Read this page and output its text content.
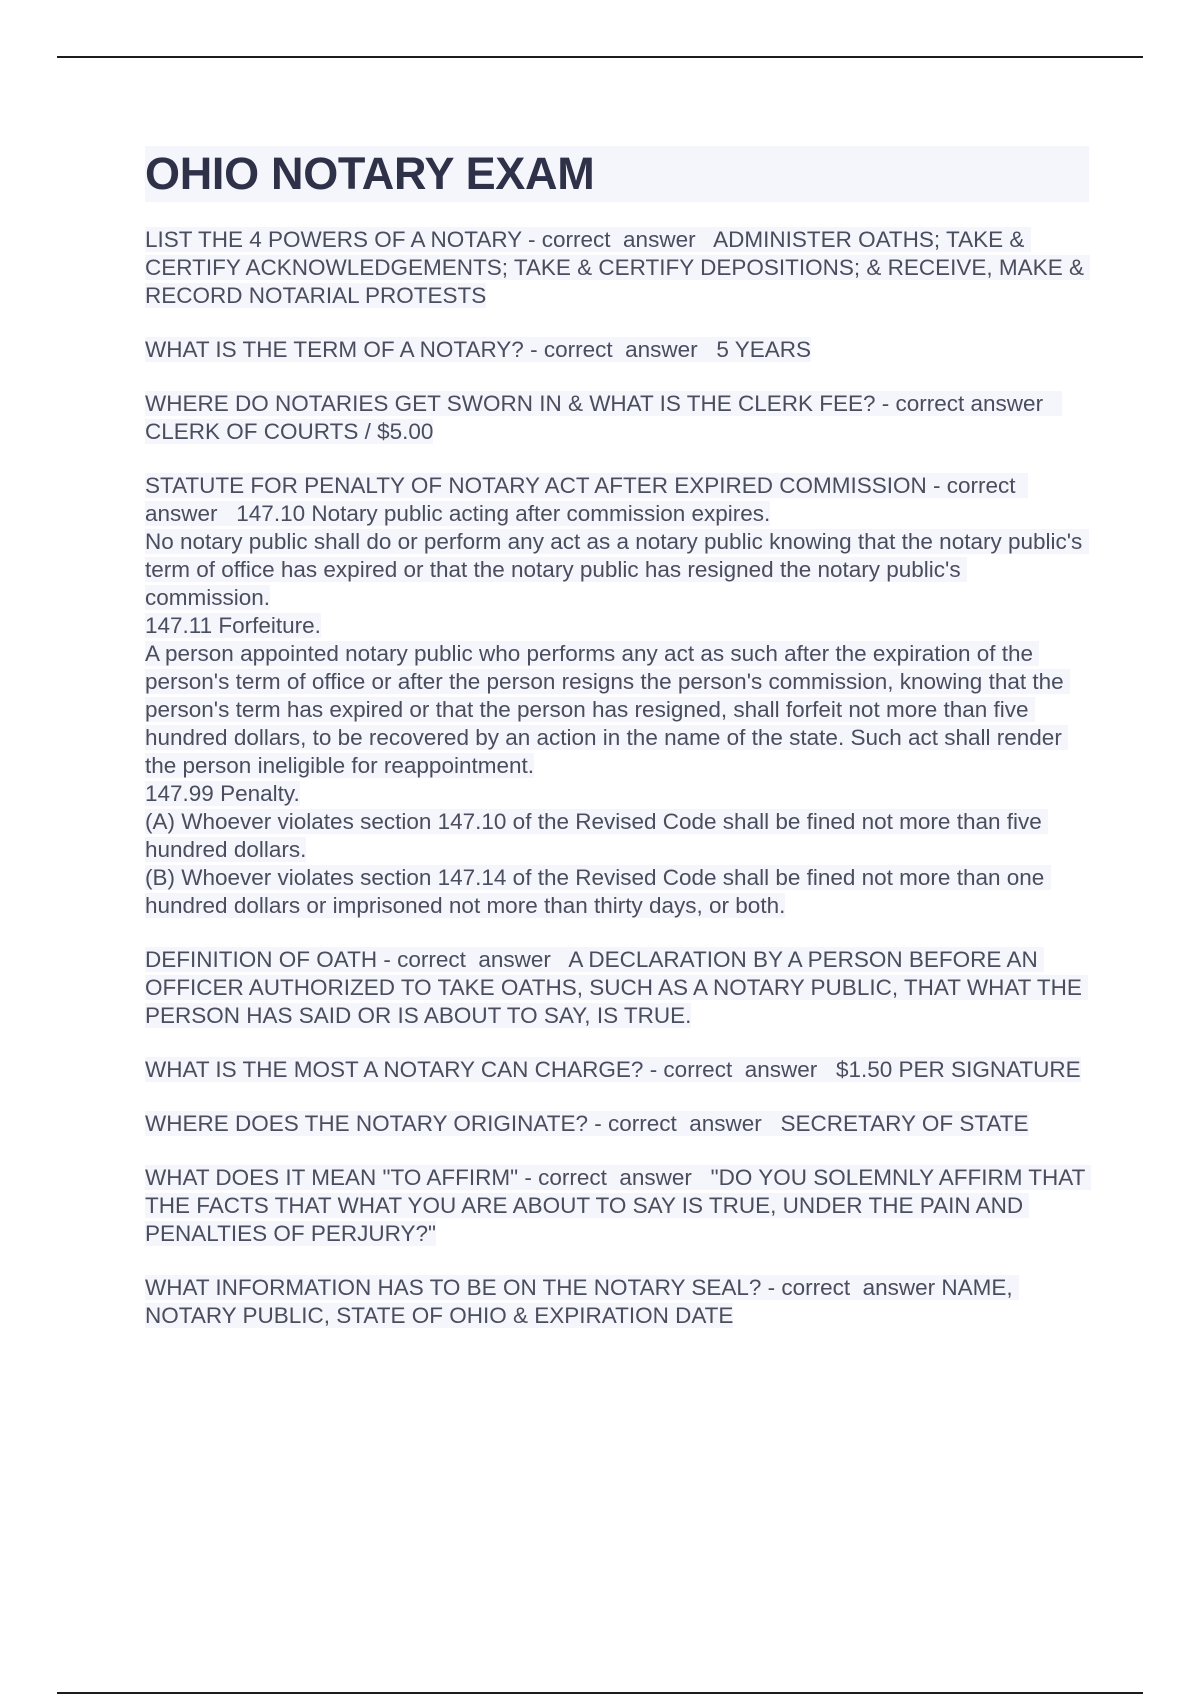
OHIO NOTARY EXAM

LIST THE 4 POWERS OF A NOTARY - correct  answer   ADMINISTER OATHS; TAKE & CERTIFY ACKNOWLEDGEMENTS; TAKE & CERTIFY DEPOSITIONS; & RECEIVE, MAKE & RECORD NOTARIAL PROTESTS

WHAT IS THE TERM OF A NOTARY? - correct  answer   5 YEARS

WHERE DO NOTARIES GET SWORN IN & WHAT IS THE CLERK FEE? - correct answer   CLERK OF COURTS / $5.00

STATUTE FOR PENALTY OF NOTARY ACT AFTER EXPIRED COMMISSION - correct  answer   147.10 Notary public acting after commission expires.

No notary public shall do or perform any act as a notary public knowing that the notary public's term of office has expired or that the notary public has resigned the notary public's commission.

147.11 Forfeiture.

A person appointed notary public who performs any act as such after the expiration of the person's term of office or after the person resigns the person's commission, knowing that the person's term has expired or that the person has resigned, shall forfeit not more than five hundred dollars, to be recovered by an action in the name of the state. Such act shall render the person ineligible for reappointment.

147.99 Penalty.

(A) Whoever violates section 147.10 of the Revised Code shall be fined not more than five hundred dollars.

(B) Whoever violates section 147.14 of the Revised Code shall be fined not more than one hundred dollars or imprisoned not more than thirty days, or both.

DEFINITION OF OATH - correct  answer   A DECLARATION BY A PERSON BEFORE AN OFFICER AUTHORIZED TO TAKE OATHS, SUCH AS A NOTARY PUBLIC, THAT WHAT THE PERSON HAS SAID OR IS ABOUT TO SAY, IS TRUE.

WHAT IS THE MOST A NOTARY CAN CHARGE? - correct  answer   $1.50 PER SIGNATURE

WHERE DOES THE NOTARY ORIGINATE? - correct  answer   SECRETARY OF STATE

WHAT DOES IT MEAN "TO AFFIRM" - correct  answer   "DO YOU SOLEMNLY AFFIRM THAT THE FACTS THAT WHAT YOU ARE ABOUT TO SAY IS TRUE, UNDER THE PAIN AND PENALTIES OF PERJURY?"

WHAT INFORMATION HAS TO BE ON THE NOTARY SEAL? - correct  answer NAME, NOTARY PUBLIC, STATE OF OHIO & EXPIRATION DATE
